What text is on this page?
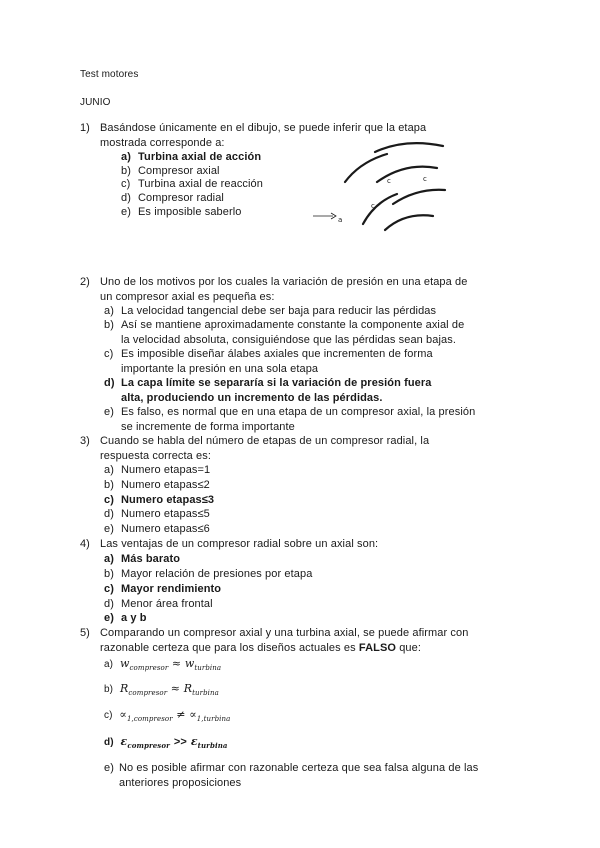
Test motores
JUNIO
1) Basándose únicamente en el dibujo, se puede inferir que la etapa
mostrada corresponde a:
a) Turbina axial de acción
b) Compresor axial
c) Turbina axial de reacción
d) Compresor radial
e) Es imposible saberlo
c	c
c
a
2) Uno de los motivos por los cuales la variación de presión en una etapa de
un compresor axial es pequeña es:
a) La velocidad tangencial debe ser baja para reducir las pérdidas
b) Así se mantiene aproximadamente constante la componente axial de
la velocidad absoluta, consiguiéndose que las pérdidas sean bajas.
c) Es imposible diseñar álabes axiales que incrementen de forma
importante la presión en una sola etapa
d) La capa límite se separaría si la variación de presión fuera
alta, produciendo un incremento de las pérdidas.
e) Es falso, es normal que en una etapa de un compresor axial, la presión
se incremente de forma importante
3) Cuando se habla del número de etapas de un compresor radial, la
respuesta correcta es:
a) Numero etapas=1
b) Numero etapas≤2
c) Numero etapas≤3
d) Numero etapas≤5
e) Numero etapas≤6
4) Las ventajas de un compresor radial sobre un axial son:
a) Más barato
b) Mayor relación de presiones por etapa
c) Mayor rendimiento
d) Menor área frontal
e) a y b
5) Comparando un compresor axial y una turbina axial, se puede afirmar con
razonable certeza que para los diseños actuales es FALSO que:
a) $w_{compresor} \approx w_{turbina}$
b) $R_{compresor} \approx R_{turbina}$
$c) \propto_{1,compresor} \ne \propto_{1,turbina}$
d) $\varepsilon_{compresor} >> \varepsilon_{turbina}$
e) No es posible afirmar con razonable certeza que sea falsa alguna de las
anteriores proposiciones
